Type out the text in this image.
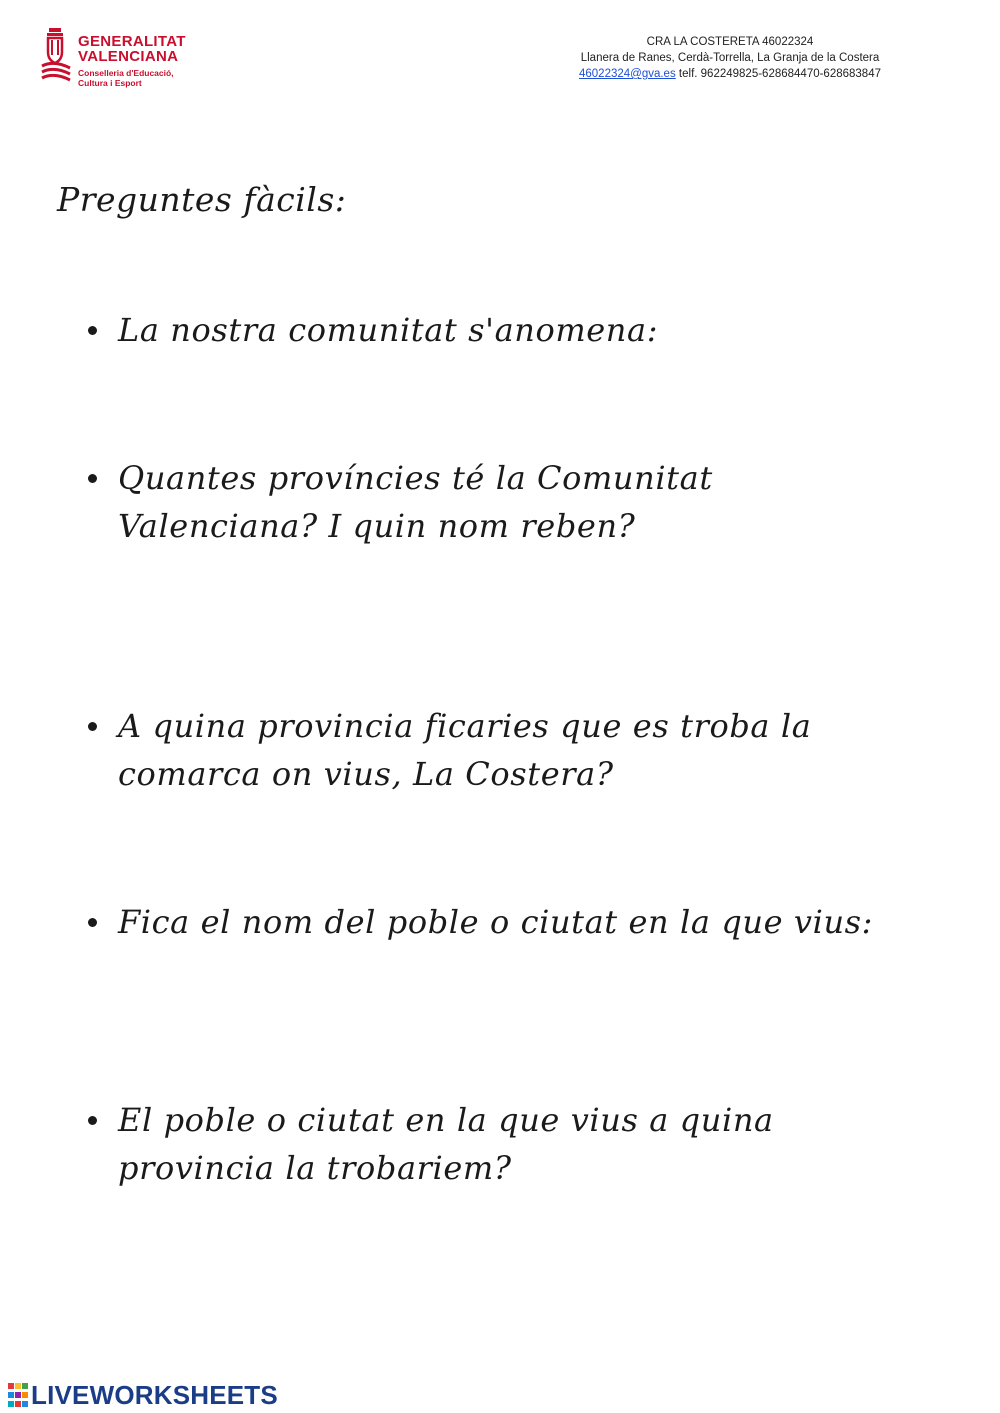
GENERALITAT
VALENCIANA
Conselleria d'Educació,
Cultura i Esport
CRA LA COSTERETA 46022324
Llanera de Ranes, Cerdà-Torrella, La Granja de la Costera
46022324@gva.es telf. 962249825-628684470-628683847
Preguntes fàcils:

La nostra comunitat s'anomena:

Quantes províncies té la Comunitat
Valenciana? I quin nom reben?

A quina provincia ficaries que es troba la
comarca on vius, La Costera?

Fica el nom del poble o ciutat en la que vius:

El poble o ciutat en la que vius a quina
provincia la trobariem?

LIVEWORKSHEETS
